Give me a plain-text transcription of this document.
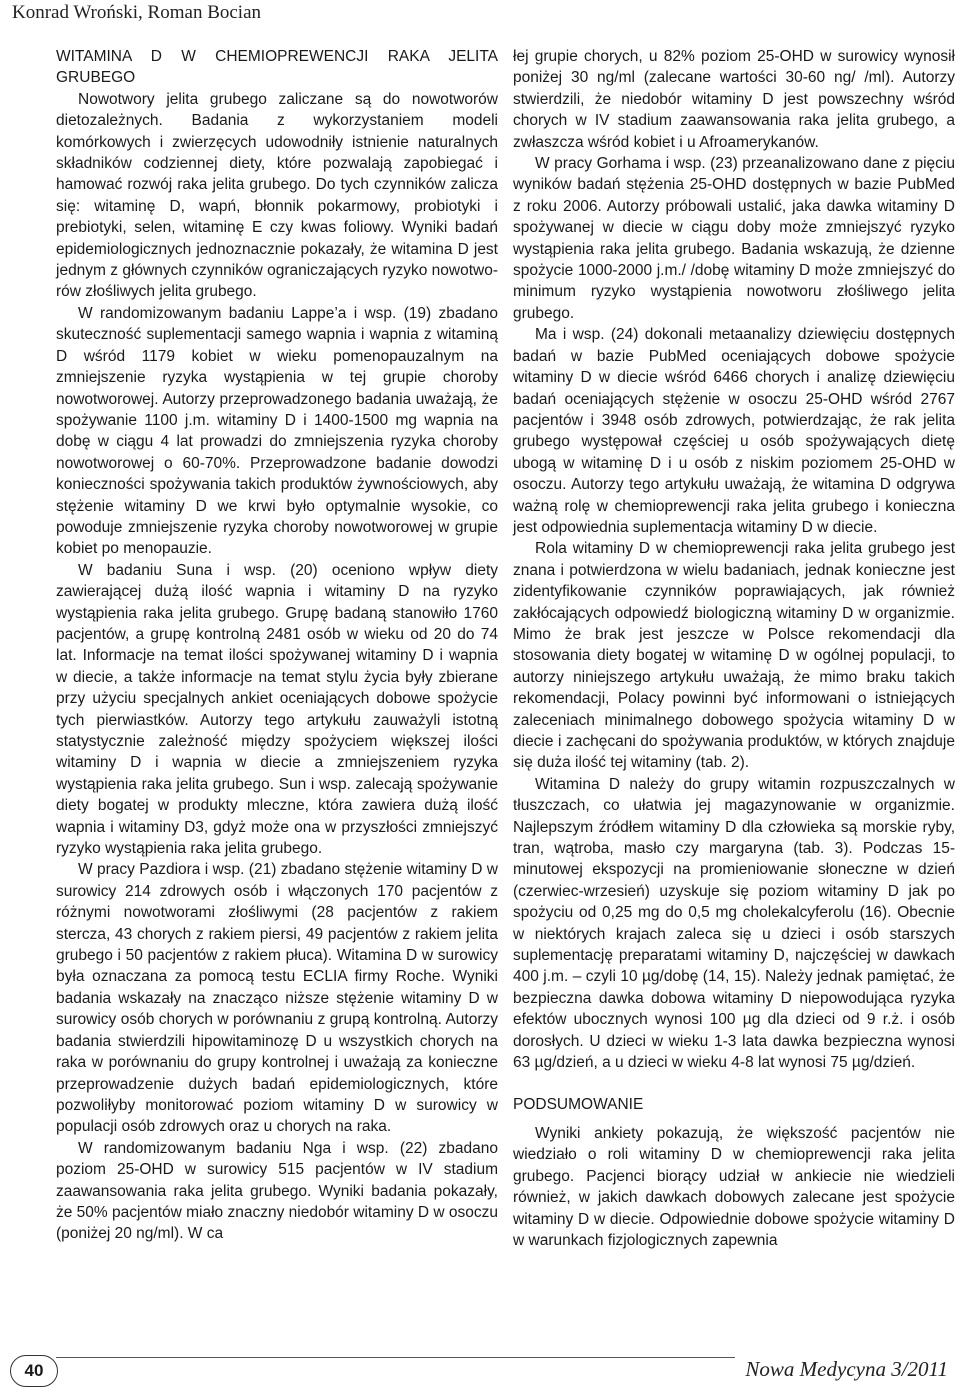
Konrad Wroński, Roman Bocian
WITAMINA D W CHEMIOPREWENCJI RAKA JELITA GRUBEGO

Nowotwory jelita grubego zaliczane są do nowotworów dietozależnych. Badania z wykorzystaniem modeli komórkowych i zwierzęcych udowodniły istnienie naturalnych składników codziennej diety, które pozwalają zapobiegać i hamować rozwój raka jelita grubego. Do tych czynników zalicza się: witaminę D, wapń, błonnik pokarmowy, probiotyki i prebiotyki, selen, witaminę E czy kwas foliowy. Wyniki badań epidemiologicznych jednoznacznie pokazały, że witamina D jest jednym z głównych czynników ograniczających ryzyko nowotworów złośliwych jelita grubego.

W randomizowanym badaniu Lappe’a i wsp. (19) zbadano skuteczność suplementacji samego wapnia i wapnia z witaminą D wśród 1179 kobiet w wieku pomenopauzalnym na zmniejszenie ryzyka wystąpienia w tej grupie choroby nowotworowej. Autorzy przeprowadzonego badania uważają, że spożywanie 1100 j.m. witaminy D i 1400-1500 mg wapnia na dobę w ciągu 4 lat prowadzi do zmniejszenia ryzyka choroby nowotworowej o 60-70%. Przeprowadzone badanie dowodzi konieczności spożywania takich produktów żywnościowych, aby stężenie witaminy D we krwi było optymalnie wysokie, co powoduje zmniejszenie ryzyka choroby nowotworowej w grupie kobiet po menopauzie.

W badaniu Suna i wsp. (20) oceniono wpływ diety zawierającej dużą ilość wapnia i witaminy D na ryzyko wystąpienia raka jelita grubego. Grupę badaną stanowiło 1760 pacjentów, a grupę kontrolną 2481 osób w wieku od 20 do 74 lat. Informacje na temat ilości spożywanej witaminy D i wapnia w diecie, a także informacje na temat stylu życia były zbierane przy użyciu specjalnych ankiet oceniających dobowe spożycie tych pierwiastków. Autorzy tego artykułu zauważyli istotną statystycznie zależność między spożyciem większej ilości witaminy D i wapnia w diecie a zmniejszeniem ryzyka wystąpienia raka jelita grubego. Sun i wsp. zalecają spożywanie diety bogatej w produkty mleczne, która zawiera dużą ilość wapnia i witaminy D3, gdyż może ona w przyszłości zmniejszyć ryzyko wystąpienia raka jelita grubego.

W pracy Pazdiora i wsp. (21) zbadano stężenie witaminy D w surowicy 214 zdrowych osób i włączonych 170 pacjentów z różnymi nowotworami złośliwymi (28 pacjentów z rakiem stercza, 43 chorych z rakiem piersi, 49 pacjentów z rakiem jelita grubego i 50 pacjentów z rakiem płuca). Witamina D w surowicy była oznaczana za pomocą testu ECLIA firmy Roche. Wyniki badania wskazały na znacząco niższe stężenie witaminy D w surowicy osób chorych w porównaniu z grupą kontrolną. Autorzy badania stwierdzili hipowitaminozę D u wszystkich chorych na raka w porównaniu do grupy kontrolnej i uważają za konieczne przeprowadzenie dużych badań epidemiologicznych, które pozwoliłyby monitorować poziom witaminy D w surowicy w populacji osób zdrowych oraz u chorych na raka.

W randomizowanym badaniu Nga i wsp. (22) zbadano poziom 25-OHD w surowicy 515 pacjentów w IV stadium zaawansowania raka jelita grubego. Wyniki badania pokazały, że 50% pacjentów miało znaczny niedobór witaminy D w osoczu (poniżej 20 ng/ml). W ca

łej grupie chorych, u 82% poziom 25-OHD w surowicy wynosił poniżej 30 ng/ml (zalecane wartości 30-60 ng/ /ml). Autorzy stwierdzili, że niedobór witaminy D jest powszechny wśród chorych w IV stadium zaawansowania raka jelita grubego, a zwłaszcza wśród kobiet i u Afroamerykanów.

W pracy Gorhama i wsp. (23) przeanalizowano dane z pięciu wyników badań stężenia 25-OHD dostępnych w bazie PubMed z roku 2006. Autorzy próbowali ustalić, jaka dawka witaminy D spożywanej w diecie w ciągu doby może zmniejszyć ryzyko wystąpienia raka jelita grubego. Badania wskazują, że dzienne spożycie 1000-2000 j.m./ /dobę witaminy D może zmniejszyć do minimum ryzyko wystąpienia nowotworu złośliwego jelita grubego.

Ma i wsp. (24) dokonali metaanalizy dziewięciu dostępnych badań w bazie PubMed oceniających dobowe spożycie witaminy D w diecie wśród 6466 chorych i analizę dziewięciu badań oceniających stężenie w osoczu 25-OHD wśród 2767 pacjentów i 3948 osób zdrowych, potwierdzając, że rak jelita grubego występował częściej u osób spożywających dietę ubogą w witaminę D i u osób z niskim poziomem 25-OHD w osoczu. Autorzy tego artykułu uważają, że witamina D odgrywa ważną rolę w chemioprewencji raka jelita grubego i konieczna jest odpowiednia suplementacja witaminy D w diecie.

Rola witaminy D w chemioprewencji raka jelita grubego jest znana i potwierdzona w wielu badaniach, jednak konieczne jest zidentyfikowanie czynników poprawiających, jak również zakłócających odpowiedź biologiczną witaminy D w organizmie. Mimo że brak jest jeszcze w Polsce rekomendacji dla stosowania diety bogatej w witaminę D w ogólnej populacji, to autorzy niniejszego artykułu uważają, że mimo braku takich rekomendacji, Polacy powinni być informowani o istniejących zaleceniach minimalnego dobowego spożycia witaminy D w diecie i zachęcani do spożywania produktów, w których znajduje się duża ilość tej witaminy (tab. 2).

Witamina D należy do grupy witamin rozpuszczalnych w tłuszczach, co ułatwia jej magazynowanie w organizmie. Najlepszym źródłem witaminy D dla człowieka są morskie ryby, tran, wątroba, masło czy margaryna (tab. 3). Podczas 15-minutowej ekspozycji na promieniowanie słoneczne w dzień (czerwiec-wrzesień) uzyskuje się poziom witaminy D jak po spożyciu od 0,25 mg do 0,5 mg cholekalcyferolu (16). Obecnie w niektórych krajach zaleca się u dzieci i osób starszych suplementację preparatami witaminy D, najczęściej w dawkach 400 j.m. – czyli 10 µg/dobę (14, 15). Należy jednak pamiętać, że bezpieczna dawka dobowa witaminy D niepowodująca ryzyka efektów ubocznych wynosi 100 µg dla dzieci od 9 r.ż. i osób dorosłych. U dzieci w wieku 1-3 lata dawka bezpieczna wynosi 63 µg/dzień, a u dzieci w wieku 4-8 lat wynosi 75 µg/dzień.

PODSUMOWANIE

Wyniki ankiety pokazują, że większość pacjentów nie wiedziało o roli witaminy D w chemioprewencji raka jelita grubego. Pacjenci biorący udział w ankiecie nie wiedzieli również, w jakich dawkach dobowych zalecane jest spożycie witaminy D w diecie. Odpowiednie dobowe spożycie witaminy D w warunkach fizjologicznych zapewnia

40	Nowa Medycyna 3/2011
